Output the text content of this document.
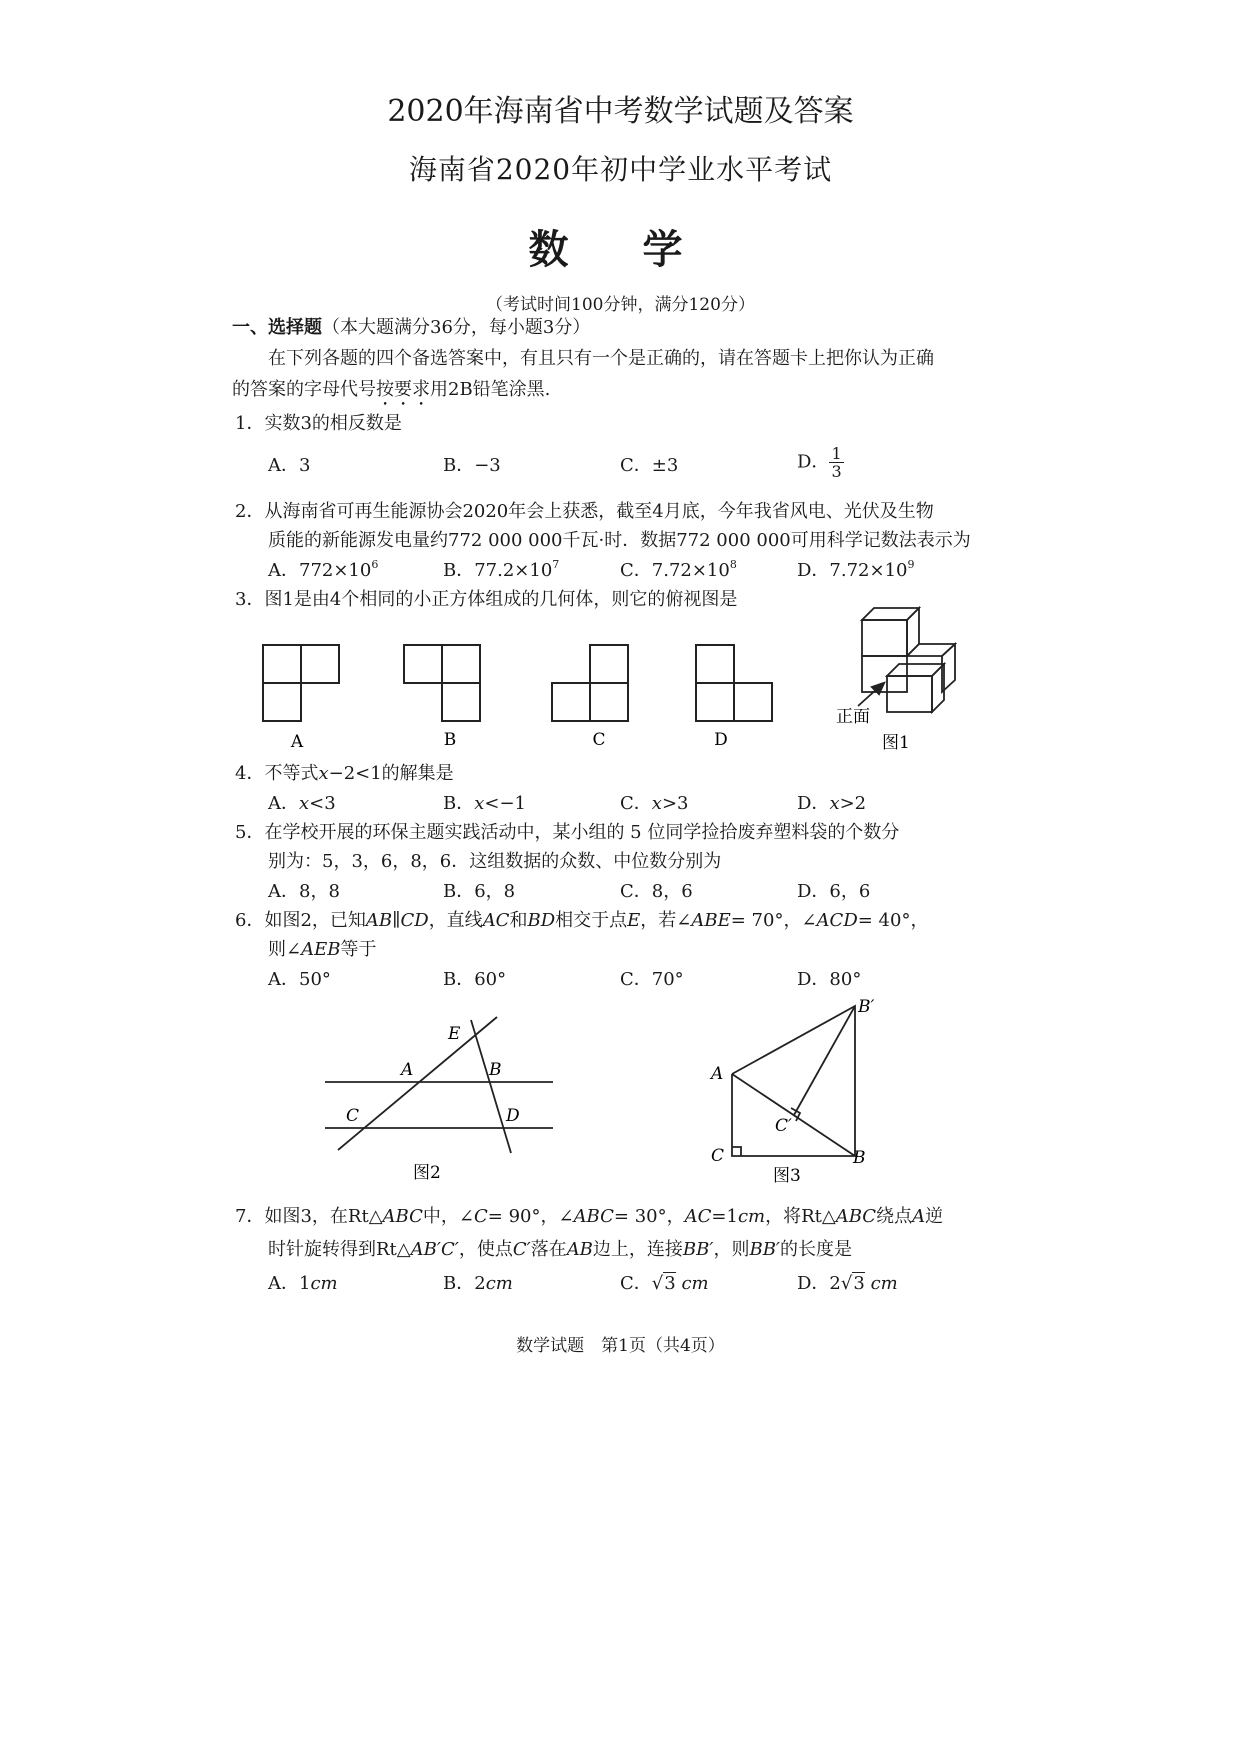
2020年海南省中考数学试题及答案
海南省2020年初中学业水平考试
数 学
（考试时间100分钟，满分120分）
一、选择题（本大题满分36分，每小题3分）
在下列各题的四个备选答案中，有且只有一个是正确的，请在答题卡上把你认为正确
的答案的字母代号按要求用2B铅笔涂黑.
1．实数3的相反数是
A．3	B．−3	C．±3	D． $\frac{1}{3}$
2．从海南省可再生能源协会2020年会上获悉，截至4月底，今年我省风电、光伏及生物
质能的新能源发电量约772 000 000千瓦·时．数据772 000 000可用科学记数法表示为
A．$772\times 10^6$	B．$77.2\times 10^7$	C．$7.72\times 10^8$	D．$7.72\times 10^9$
3．图1是由4个相同的小正方体组成的几何体，则它的俯视图是
A	B	C	D
正面
图1
E
A	B
C	D
图2
B′
A
C′
C	B
图3
4．不等式x−2<1的解集是
A．x<3	B．x<−1	C．x>3	D．x>2
5．在学校开展的环保主题实践活动中，某小组的 5 位同学捡拾废弃塑料袋的个数分
别为：5，3，6，8，6．这组数据的众数、中位数分别为
A．8，8	B．6，8	C．8，6	D．6，6
6．如图2，已知AB∥CD，直线AC和BD相交于点E，若∠ABE= 70°，∠ACD= 40°，
则∠AEB等于
A．50°	B．60°	C．70°	D．80°
7．如图3，在Rt△ABC中，∠C= 90°，∠ABC= 30°，AC=1cm，将Rt△ABC绕点A逆
时针旋转得到Rt△AB′C′，使点C′落在AB边上，连接BB′，则BB′的长度是
A．1cm	B．2cm	C．√3 cm	D．2√3 cm
数学试题　第1页（共4页）
